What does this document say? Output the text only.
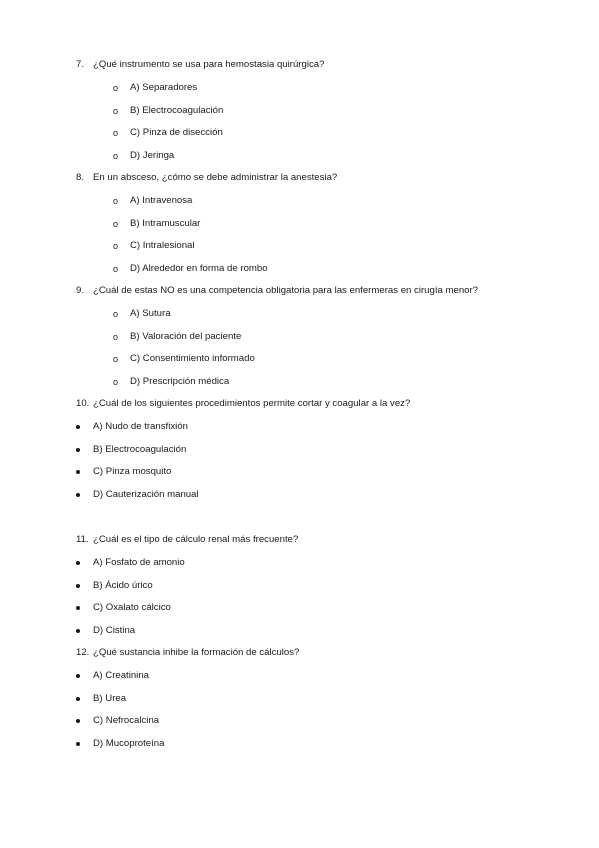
7. ¿Qué instrumento se usa para hemostasia quirúrgica?
o A) Separadores
o B) Electrocoagulación
o C) Pinza de disección
o D) Jeringa
8. En un absceso, ¿cómo se debe administrar la anestesia?
o A) Intravenosa
o B) Intramuscular
o C) Intralesional
o D) Alrededor en forma de rombo
9. ¿Cuál de estas NO es una competencia obligatoria para las enfermeras en cirugía menor?
o A) Sutura
o B) Valoración del paciente
o C) Consentimiento informado
o D) Prescripción médica
10. ¿Cuál de los siguientes procedimientos permite cortar y coagular a la vez?
A) Nudo de transfixión
B) Electrocoagulación
C) Pinza mosquito
D) Cauterización manual
11. ¿Cuál es el tipo de cálculo renal más frecuente?
A) Fosfato de amonio
B) Ácido úrico
C) Oxalato cálcico
D) Cistina
12. ¿Qué sustancia inhibe la formación de cálculos?
A) Creatinina
B) Urea
C) Nefrocalcina
D) Mucoproteína
